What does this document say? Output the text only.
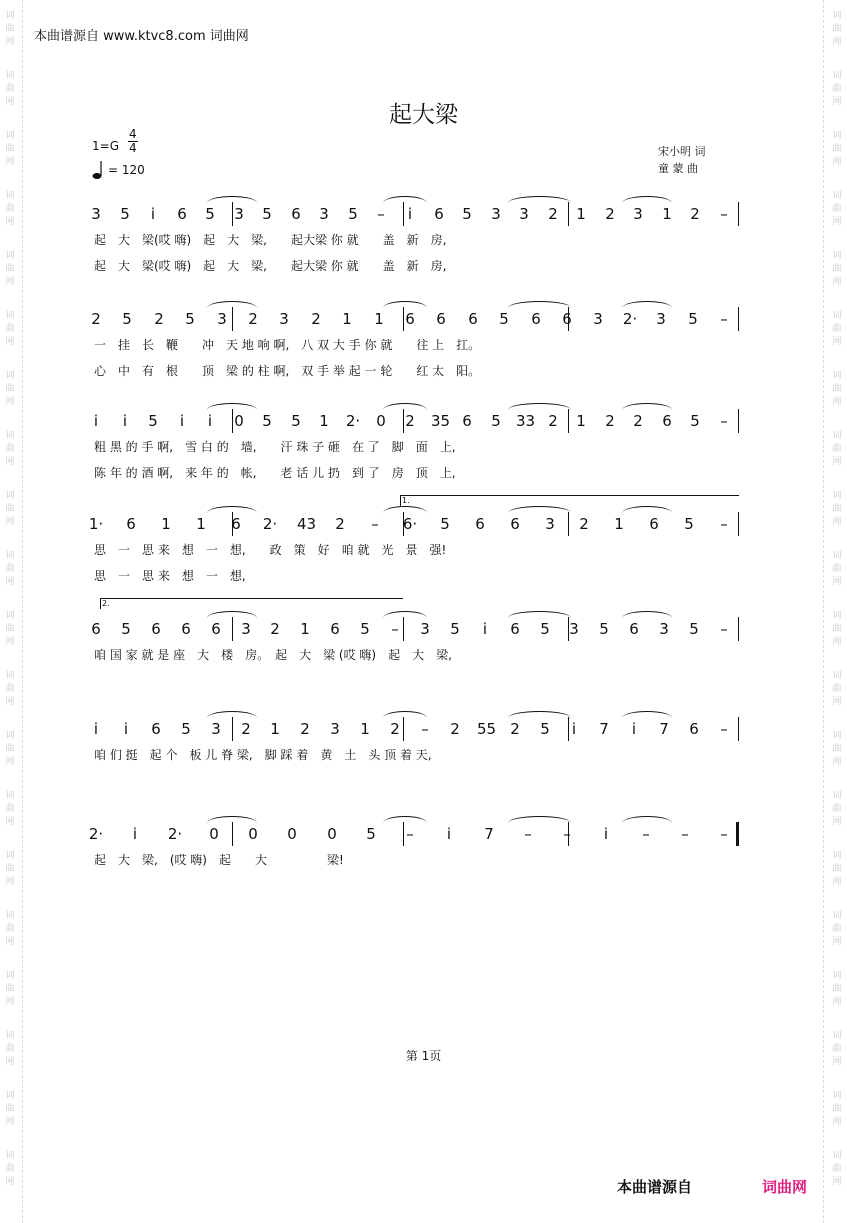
词
曲
网
词
曲
网
词
曲
网
词
曲
网
词
曲
网
词
曲
网
词
曲
网
词
曲
网
词
曲
网
词
曲
网
词
曲
网
词
曲
网
词
曲
网
词
曲
网
词
曲
网
词
曲
网
词
曲
网
词
曲
网
词
曲
网
词
曲
网
词
曲
网
词
曲
网
词
曲
网
词
曲
网
词
曲
网
词
曲
网
词
曲
网
词
曲
网
词
曲
网
词
曲
网
词
曲
网
词
曲
网
词
曲
网
词
曲
网
词
曲
网
词
曲
网
词
曲
网
词
曲
网
词
曲
网
词
曲
网
本曲谱源自 www.ktvc8.com 词曲网
起大梁
1=G
4
4
= 120
宋小明 词
童 蒙 曲
3 5	i	6 5 3 5 6 3 5 –	i	6 5 3 3 2 1 2 3 1 2 –
起　大　梁(哎 嗨)　起　大　梁,　　起大梁 你 就　　盖　新　房,
起　大　梁(哎 嗨)　起　大　梁,　　起大梁 你 就　　盖　新　房,
2 5 2 5 3 2 3 2 1 1 6 6 6 5 6 6 3 2· 3 5 –
一　挂　长　鞭　　冲　天 地 响 啊,　八 双 大 手 你 就　　往 上　扛。
心　中　有　根　　顶　梁 的 柱 啊,　双 手 举 起 一 轮　　红 太　阳。
i	i	5	i	i	0 5 5 1 2· 0 2 35 6 5 33 2 1 2 2 6 5 –
粗 黑 的 手 啊,　雪 白 的　墙,　　汗 珠 子 砸　在 了　脚　面　上,
陈 年 的 酒 啊,　来 年 的　帐,　　老 话 儿 扔　到 了　房　顶　上,
1· 6 1 1 6 2· 43 2 – 6· 5 6 6 3 2 1 6 5 –
思　一　思 来　想　一　想,　　政　策　好　咱 就　光　景　强!
思　一　思 来　想　一　想,
6 5 6 6 6 3 2 1 6 5 – 3 5	i	6 5 3 5 6 3 5 –
咱 国 家 就 是 座　大　楼　房。　起　大　梁 (哎 嗨)　起　大　梁,
i	i	6 5 3 2 1 2 3 1 2 – 2 55 2 5	i	7	i	7 6 –
咱 们 挺　起 个　板 儿 脊 梁,　脚 踩 着　黄　土　头 顶 着 天,
2·	i	2· 0 0 0 0 5 –	i	7 – –	i	– – –
起　大　梁,　(哎 嗨)　起　　大　　　　　梁!
1.
2.
第 1页
本曲谱源自	词曲网
